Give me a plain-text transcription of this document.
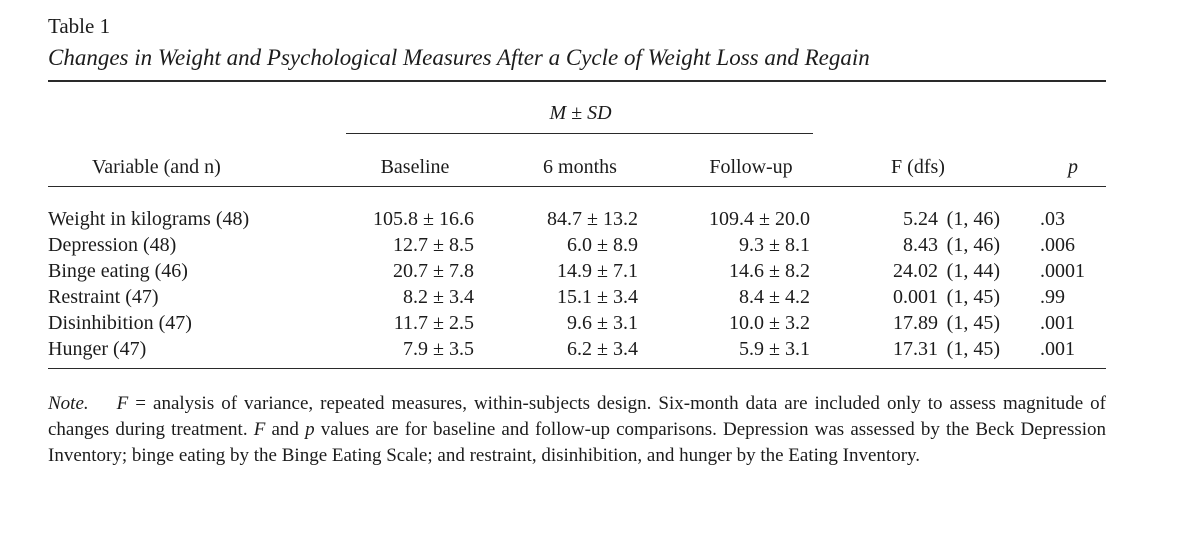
Table 1
Changes in Weight and Psychological Measures After a Cycle of Weight Loss and Regain
M ± SD
Variable (and n)	Baseline	6 months	Follow-up	F (dfs)	p
Weight in kilograms (48)	105.8 ± 16.6	84.7 ± 13.2	109.4 ± 20.0	5.24 (1, 46) .03
Depression (48)	12.7 ± 8.5	6.0 ± 8.9	9.3 ± 8.1	8.43 (1, 46) .006
Binge eating (46)	20.7 ± 7.8	14.9 ± 7.1	14.6 ± 8.2	24.02 (1, 44) .0001
Restraint (47)	8.2 ± 3.4	15.1 ± 3.4	8.4 ± 4.2	0.001 (1, 45) .99
Disinhibition (47)	11.7 ± 2.5	9.6 ± 3.1	10.0 ± 3.2	17.89 (1, 45) .001
Hunger (47)	7.9 ± 3.5	6.2 ± 3.4	5.9 ± 3.1	17.31 (1, 45) .001
Note. F = analysis of variance, repeated measures, within-subjects design. Six-month data are included only to assess magnitude of changes during treatment. F and p values are for baseline and follow-up comparisons. Depression was assessed by the Beck Depression Inventory; binge eating by the Binge Eating Scale; and restraint, disinhibition, and hunger by the Eating Inventory.
